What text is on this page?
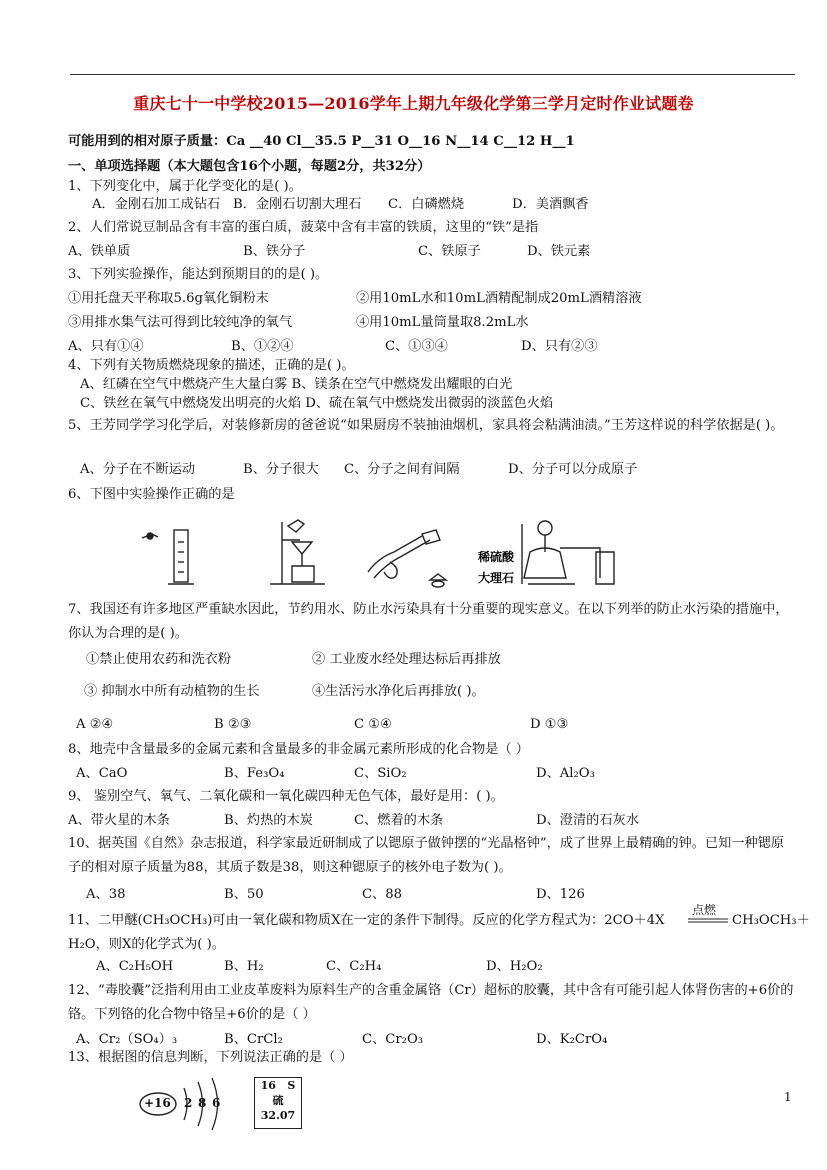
重庆七十一中学校2015—2016学年上期九年级化学第三学月定时作业试题卷
可能用到的相对原子质量：Ca __40 Cl__35.5 P__31 O__16 N__14 C__12 H__1
一、单项选择题（本大题包含16个小题，每题2分，共32分）
1、下列变化中，属于化学变化的是( )。
A．金刚石加工成钻石 B．金刚石切割大理石 C．白磷燃烧	D．美酒飘香
2、人们常说豆制品含有丰富的蛋白质，菠菜中含有丰富的铁质，这里的“铁”是指
A、铁单质	B、铁分子	C、铁原子	D、铁元素
3、下列实验操作，能达到预期目的的是( )。
①用托盘天平称取5.6g氧化铜粉末	②用10mL水和10mL酒精配制成20mL酒精溶液
③用排水集气法可得到比较纯净的氧气	④用10mL量筒量取8.2mL水
A、只有①④	B、①②④	C、①③④	D、只有②③
4、下列有关物质燃烧现象的描述，正确的是( )。
A、红磷在空气中燃烧产生大量白雾 B、镁条在空气中燃烧发出耀眼的白光
C、铁丝在氧气中燃烧发出明亮的火焰 D、硫在氧气中燃烧发出微弱的淡蓝色火焰
5、王芳同学学习化学后，对装修新房的爸爸说“如果厨房不装抽油烟机，家具将会粘满油渍。”王芳这样说的科学依据是( )。
A、分子在不断运动	B、分子很大 C、分子之间有间隔	D、分子可以分成原子
6、下图中实验操作正确的是
稀硫酸
大理石
7、我国还有许多地区严重缺水因此，节约用水、防止水污染具有十分重要的现实意义。在以下列举的防止水污染的措施中，你认为合理的是( )。
①禁止使用农药和洗衣粉	② 工业废水经处理达标后再排放
③ 抑制水中所有动植物的生长	④生活污水净化后再排放( )。
A ②④	B ②③	C ①④	D ①③
8、地壳中含量最多的金属元素和含量最多的非金属元素所形成的化合物是（ ）
A、CaO	B、Fe₃O₄	C、SiO₂	D、Al₂O₃
9、 鉴别空气、氧气、二氧化碳和一氧化碳四种无色气体，最好是用：( )。
A、带火星的木条	B、灼热的木炭	C、燃着的木条	D、澄清的石灰水
10、据英国《自然》杂志报道，科学家最近研制成了以锶原子做钟摆的“光晶格钟”，成了世界上最精确的钟。已知一种锶原子的相对原子质量为88，其质子数是38，则这种锶原子的核外电子数为( )。
A、38	B、50	C、88	D、126
11、二甲醚(CH₃OCH₃)可由一氧化碳和物质X在一定的条件下制得。反应的化学方程式为：2CO＋4X
点燃
CH₃OCH₃＋
H₂O，则X的化学式为( )。
A、C₂H₅OH	B、H₂	C、C₂H₄	D、H₂O₂
12、“毒胶囊”泛指利用由工业皮革废料为原料生产的含重金属铬（Cr）超标的胶囊，其中含有可能引起人体肾伤害的+6价的铬。下列铬的化合物中铬呈+6价的是（ ）
A、Cr₂（SO₄）₃	B、CrCl₂	C、Cr₂O₃	D、K₂CrO₄
13、根据图的信息判断，下列说法正确的是（ ）
+16 2 8 6
16 S
硫
32.07
1
